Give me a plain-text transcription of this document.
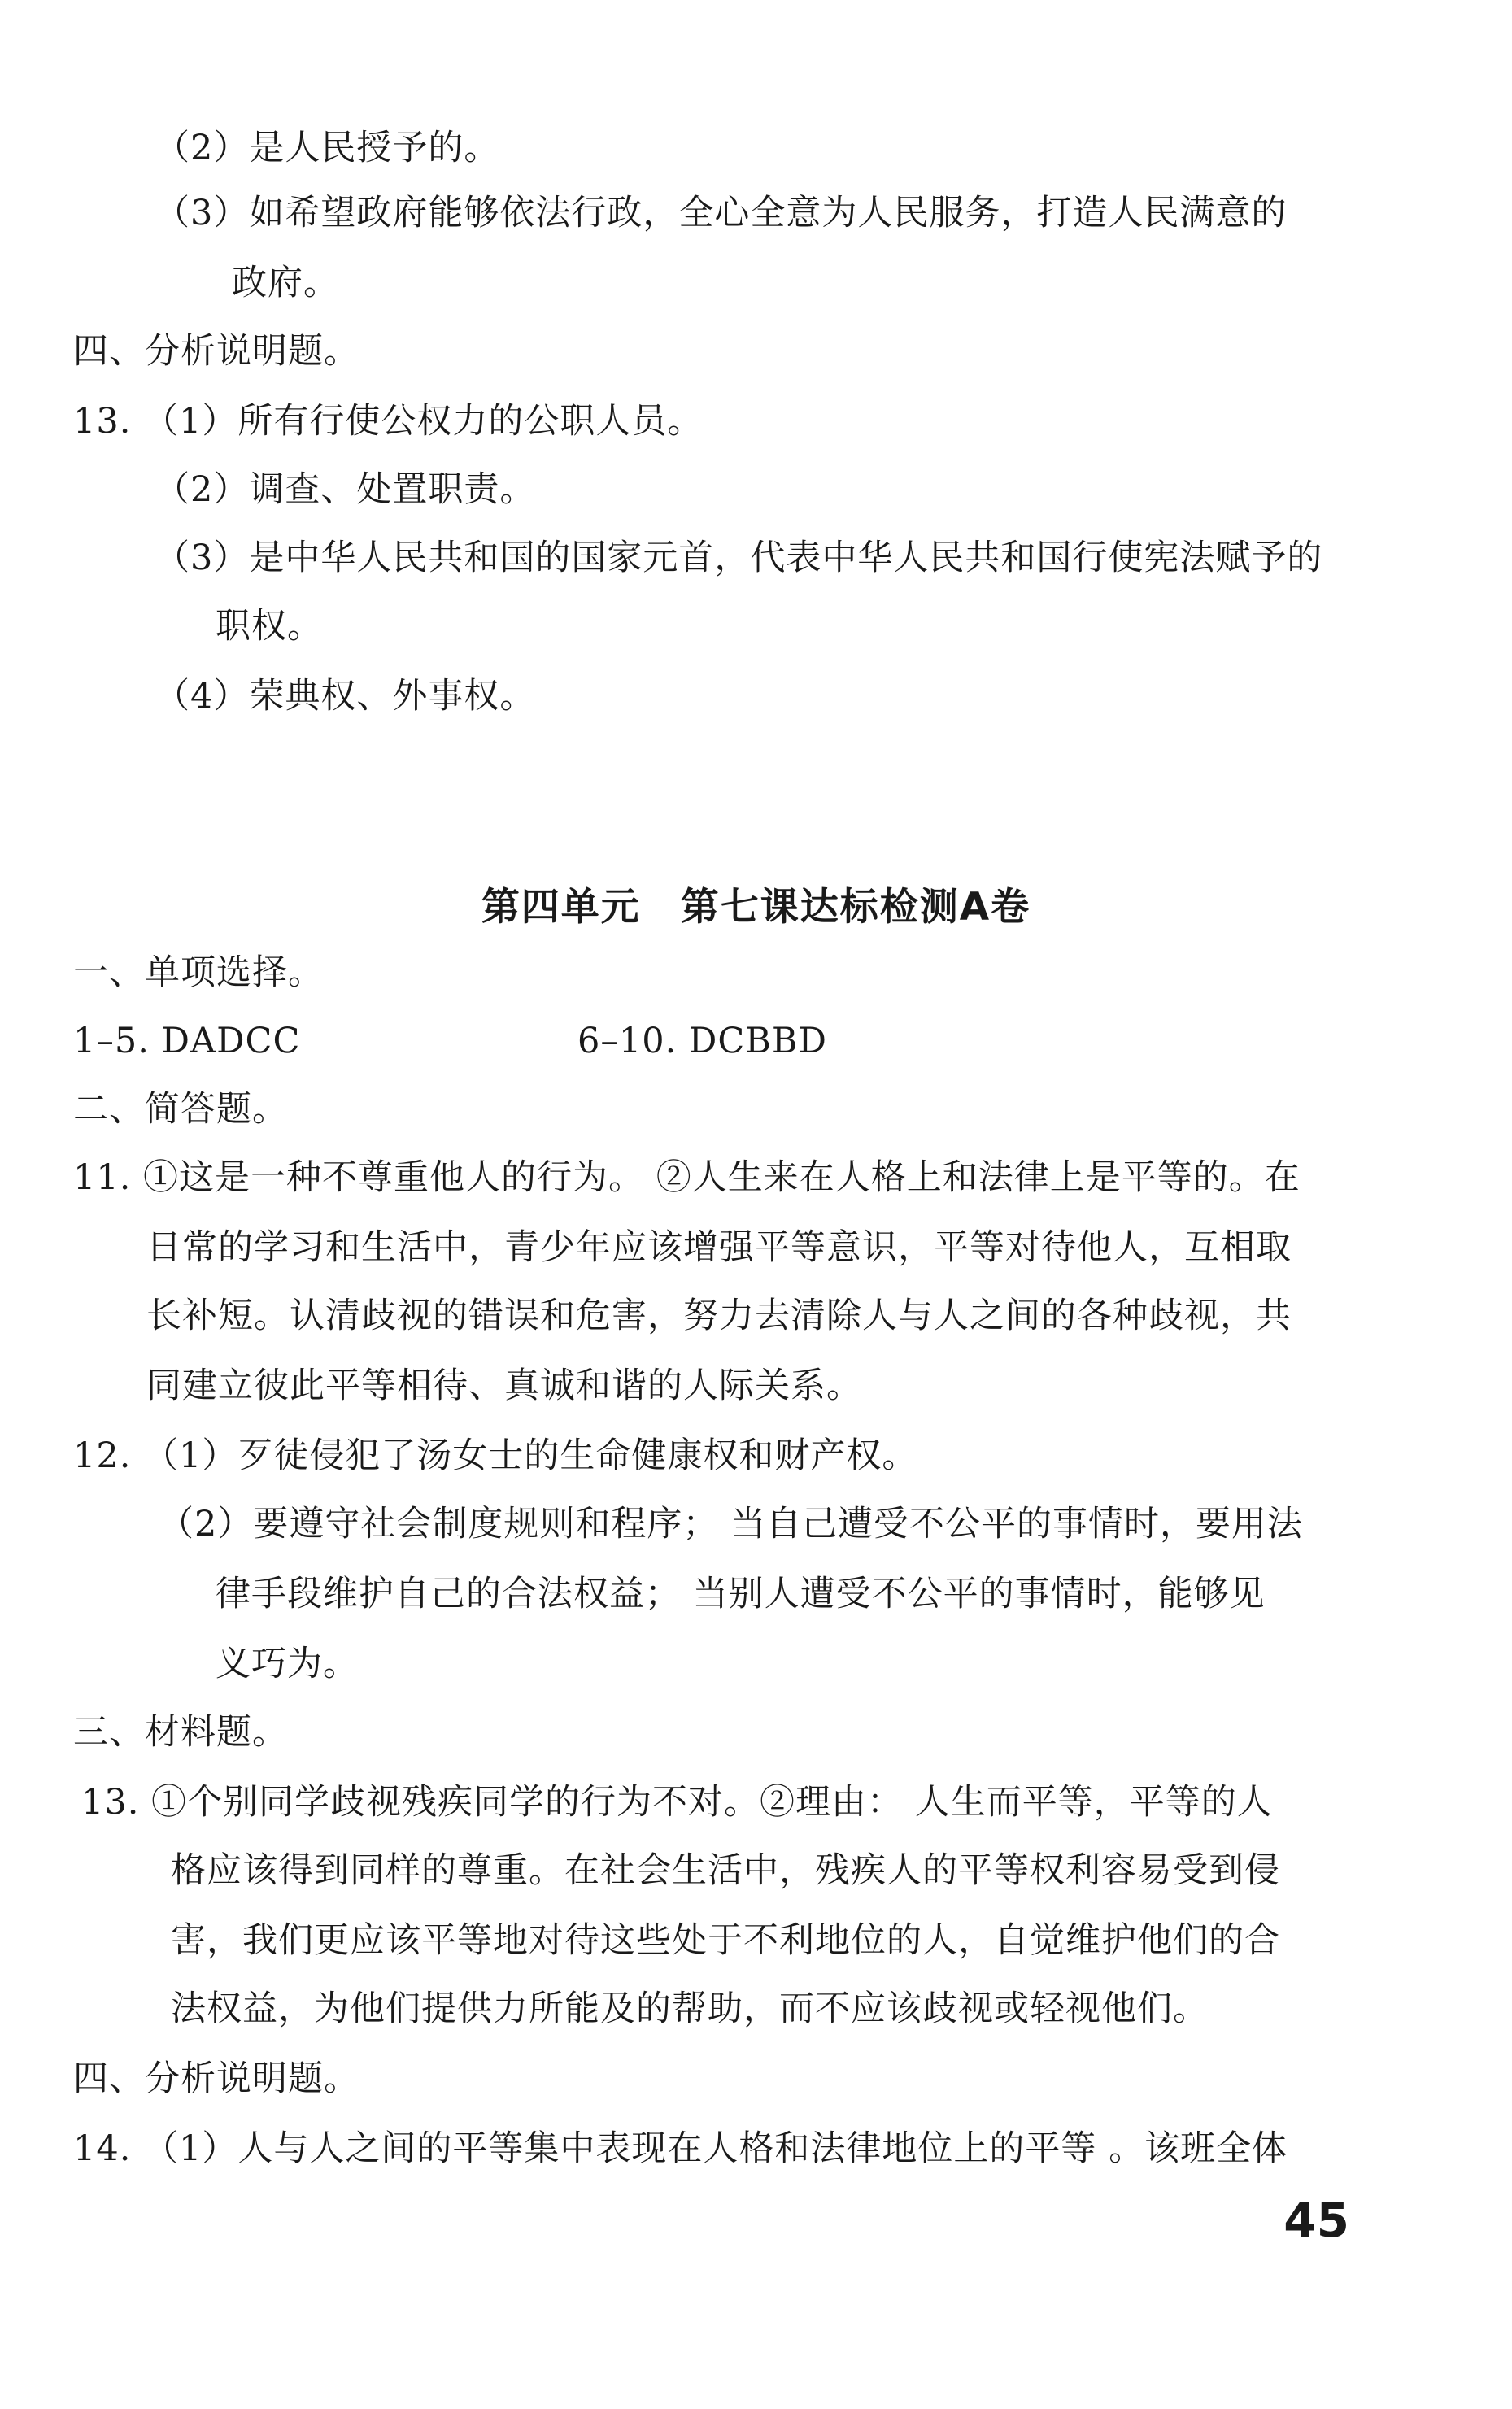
（2）是人民授予的。
（3）如希望政府能够依法行政，全心全意为人民服务，打造人民满意的
政府。
四、分析说明题。
13. （1）所有行使公权力的公职人员。
（2）调查、处置职责。
（3）是中华人民共和国的国家元首，代表中华人民共和国行使宪法赋予的
职权。
（4）荣典权、外事权。
第四单元　第七课达标检测A卷
一、单项选择。
1–5. DADCC	6–10. DCBBD
二、简答题。
11. ①这是一种不尊重他人的行为。 ②人生来在人格上和法律上是平等的。在
日常的学习和生活中，青少年应该增强平等意识，平等对待他人，互相取
长补短。认清歧视的错误和危害，努力去清除人与人之间的各种歧视，共
同建立彼此平等相待、真诚和谐的人际关系。
12. （1）歹徒侵犯了汤女士的生命健康权和财产权。
（2）要遵守社会制度规则和程序； 当自己遭受不公平的事情时，要用法
律手段维护自己的合法权益； 当别人遭受不公平的事情时，能够见
义巧为。
三、材料题。
13. ①个别同学歧视残疾同学的行为不对。②理由： 人生而平等，平等的人
格应该得到同样的尊重。在社会生活中，残疾人的平等权利容易受到侵
害，我们更应该平等地对待这些处于不利地位的人，自觉维护他们的合
法权益，为他们提供力所能及的帮助，而不应该歧视或轻视他们。
四、分析说明题。
14. （1）人与人之间的平等集中表现在人格和法律地位上的平等 。该班全体
45
